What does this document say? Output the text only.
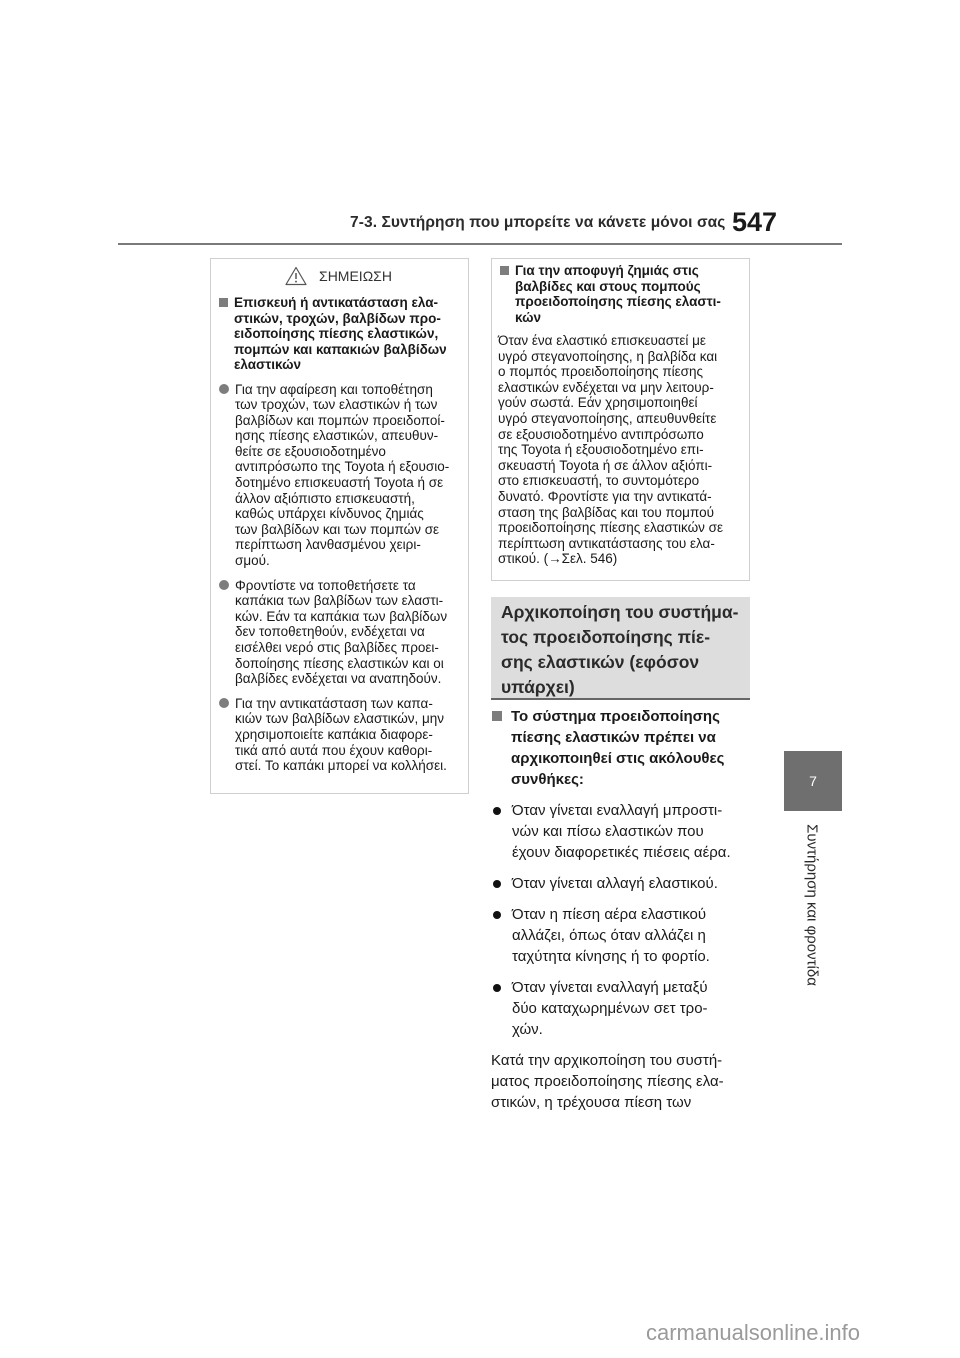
7-3. Συντήρηση που μπορείτε να κάνετε μόνοι σας 547
7
Συντήρηση και φροντίδα
ΣΗΜΕΙΩΣΗ
Επισκευή ή αντικατάσταση ελα-
στικών, τροχών, βαλβίδων προ-
ειδοποίησης πίεσης ελαστικών,
πομπών και καπακιών βαλβίδων
ελαστικών
Για την αφαίρεση και τοποθέτηση
των τροχών, των ελαστικών ή των
βαλβίδων και πομπών προειδοποί-
ησης πίεσης ελαστικών, απευθυν-
θείτε σε εξουσιοδοτημένο
αντιπρόσωπο της Toyota ή εξουσιο-
δοτημένο επισκευαστή Toyota ή σε
άλλον αξιόπιστο επισκευαστή,
καθώς υπάρχει κίνδυνος ζημιάς
των βαλβίδων και των πομπών σε
περίπτωση λανθασμένου χειρι-
σμού.
Φροντίστε να τοποθετήσετε τα
καπάκια των βαλβίδων των ελαστι-
κών. Εάν τα καπάκια των βαλβίδων
δεν τοποθετηθούν, ενδέχεται να
εισέλθει νερό στις βαλβίδες προει-
δοποίησης πίεσης ελαστικών και οι
βαλβίδες ενδέχεται να αναπηδούν.
Για την αντικατάσταση των καπα-
κιών των βαλβίδων ελαστικών, μην
χρησιμοποιείτε καπάκια διαφορε-
τικά από αυτά που έχουν καθορι-
στεί. Το καπάκι μπορεί να κολλήσει.
Για την αποφυγή ζημιάς στις
βαλβίδες και στους πομπούς
προειδοποίησης πίεσης ελαστι-
κών
Όταν ένα ελαστικό επισκευαστεί με
υγρό στεγανοποίησης, η βαλβίδα και
ο πομπός προειδοποίησης πίεσης
ελαστικών ενδέχεται να μην λειτουρ-
γούν σωστά. Εάν χρησιμοποιηθεί
υγρό στεγανοποίησης, απευθυνθείτε
σε εξουσιοδοτημένο αντιπρόσωπο
της Toyota ή εξουσιοδοτημένο επι-
σκευαστή Toyota ή σε άλλον αξιόπι-
στο επισκευαστή, το συντομότερο
δυνατό. Φροντίστε για την αντικατά-
σταση της βαλβίδας και του πομπού
προειδοποίησης πίεσης ελαστικών σε
περίπτωση αντικατάστασης του ελα-
στικού. (→Σελ. 546)
Αρχικοποίηση του συστήμα-
τος προειδοποίησης πίε-
σης ελαστικών (εφόσον
υπάρχει)
Το σύστημα προειδοποίησης
πίεσης ελαστικών πρέπει να
αρχικοποιηθεί στις ακόλουθες
συνθήκες:
Όταν γίνεται εναλλαγή μπροστι-
νών και πίσω ελαστικών που
έχουν διαφορετικές πιέσεις αέρα.
Όταν γίνεται αλλαγή ελαστικού.
Όταν η πίεση αέρα ελαστικού
αλλάζει, όπως όταν αλλάζει η
ταχύτητα κίνησης ή το φορτίο.
Όταν γίνεται εναλλαγή μεταξύ
δύο καταχωρημένων σετ τρο-
χών.
Κατά την αρχικοποίηση του συστή-
ματος προειδοποίησης πίεσης ελα-
στικών, η τρέχουσα πίεση των
carmanualsonline.info
